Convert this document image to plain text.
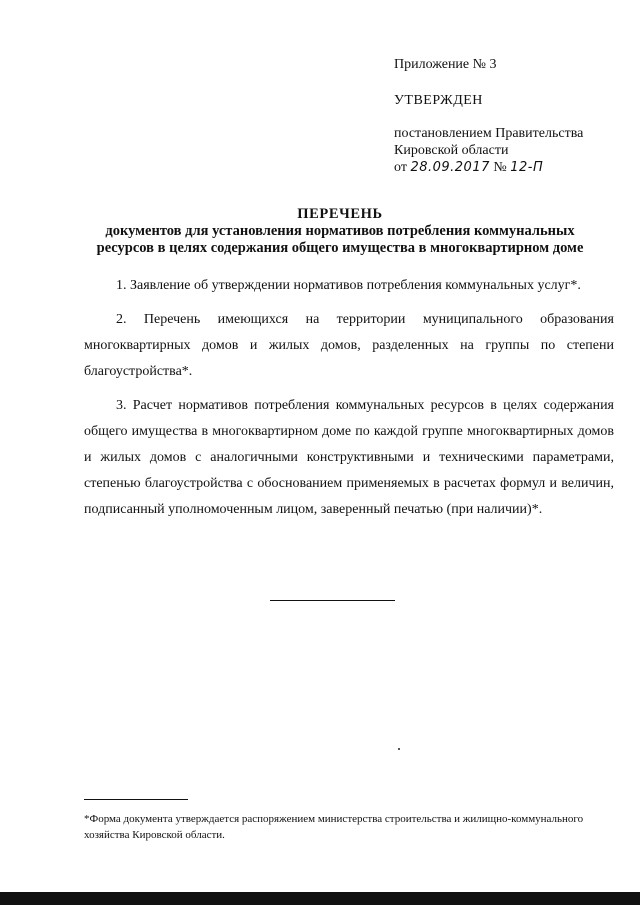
Приложение № 3
УТВЕРЖДЕН
постановлением Правительства
Кировской области
от 28.09.2017 № 12-П
ПЕРЕЧЕНЬ
документов для установления нормативов потребления коммунальных
ресурсов в целях содержания общего имущества в многоквартирном доме

1. Заявление об утверждении нормативов потребления коммунальных услуг*.

2. Перечень имеющихся на территории муниципального образования многоквартирных домов и жилых домов, разделенных на группы по степени благоустройства*.

3. Расчет нормативов потребления коммунальных ресурсов в целях содержания общего имущества в многоквартирном доме по каждой группе многоквартирных домов и жилых домов с аналогичными конструктивными и техническими параметрами, степенью благоустройства с обоснованием применяемых в расчетах формул и величин, подписанный уполномоченным лицом, заверенный печатью (при наличии)*.

*Форма документа утверждается распоряжением министерства строительства и жилищно-коммунального хозяйства Кировской области.
